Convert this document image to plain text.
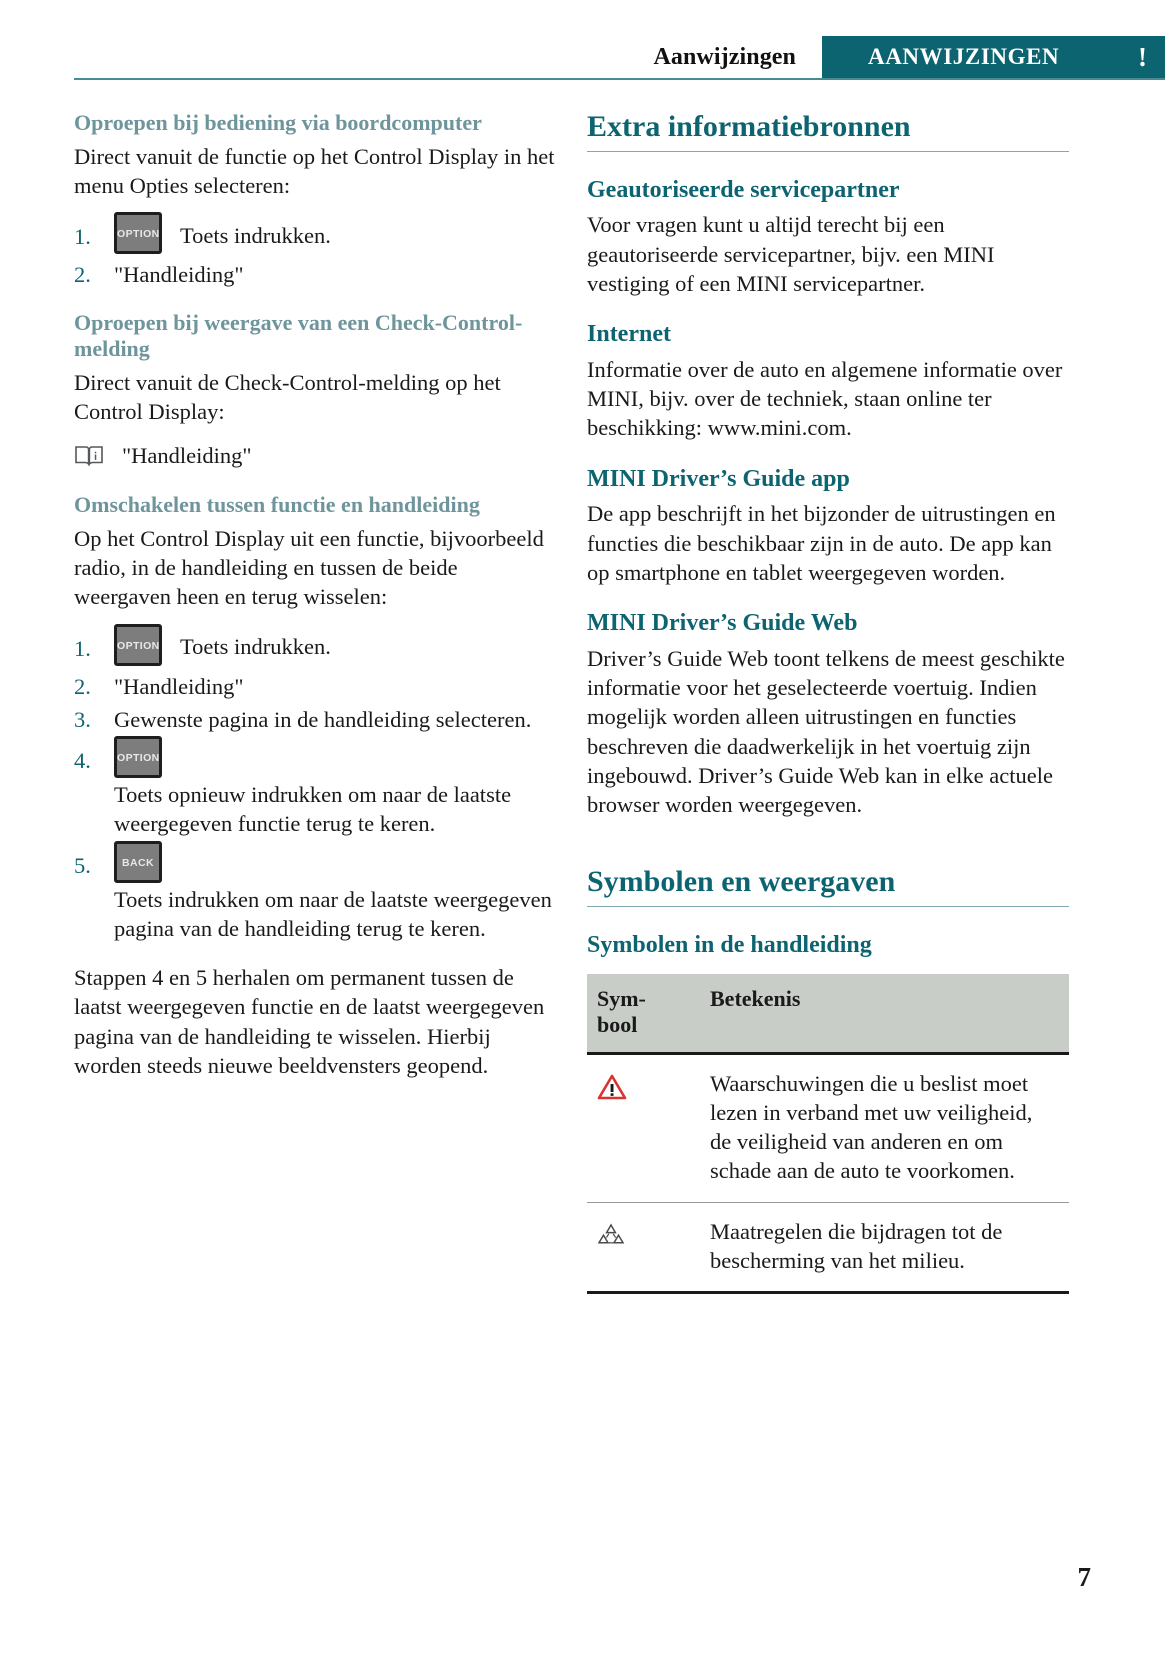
Aanwijzingen	AANWIJZINGEN	!
Oproepen bij bediening via boordcomputer

Direct vanuit de functie op het Control Display in het menu Opties selecteren:

1. OPTION Toets indrukken.
2. "Handleiding"
Oproepen bij weergave van een Check-Control-melding

Direct vanuit de Check-Control-melding op het Control Display:

"Handleiding"
Omschakelen tussen functie en handleiding

Op het Control Display uit een functie, bijvoorbeeld radio, in de handleiding en tussen de beide weergaven heen en terug wisselen:

1. OPTION Toets indrukken.
2. "Handleiding"
3. Gewenste pagina in de handleiding selecteren.
4. OPTIONToets opnieuw indrukken om naar de laatste weergegeven functie terug te keren.
5.	BACKToets indrukken om naar de laatste weergegeven pagina van de handleiding terug te keren.

Stappen 4 en 5 herhalen om permanent tussen de laatst weergegeven functie en de laatst weergegeven pagina van de handleiding te wisselen. Hierbij worden steeds nieuwe beeldvensters geopend.

Extra informatiebronnen
Geautoriseerde servicepartner

Voor vragen kunt u altijd terecht bij een geautoriseerde servicepartner, bijv. een MINI vestiging of een MINI servicepartner.

Internet

Informatie over de auto en algemene informatie over MINI, bijv. over de techniek, staan online ter beschikking: www.mini.com.

MINI Driver’s Guide app

De app beschrijft in het bijzonder de uitrustingen en functies die beschikbaar zijn in de auto. De app kan op smartphone en tablet weergegeven worden.

MINI Driver’s Guide Web

Driver’s Guide Web toont telkens de meest geschikte informatie voor het geselecteerde voertuig. Indien mogelijk worden alleen uitrustingen en functies beschreven die daadwerkelijk in het voertuig zijn ingebouwd. Driver’s Guide Web kan in elke actuele browser worden weergegeven.

Symbolen en weergaven
Symbolen in de handleiding
Sym-
bool	Betekenis

	Waarschuwingen die u beslist moet lezen in verband met uw veiligheid, de veiligheid van anderen en om schade aan de auto te voorkomen.

	Maatregelen die bijdragen tot de bescherming van het milieu.
7
